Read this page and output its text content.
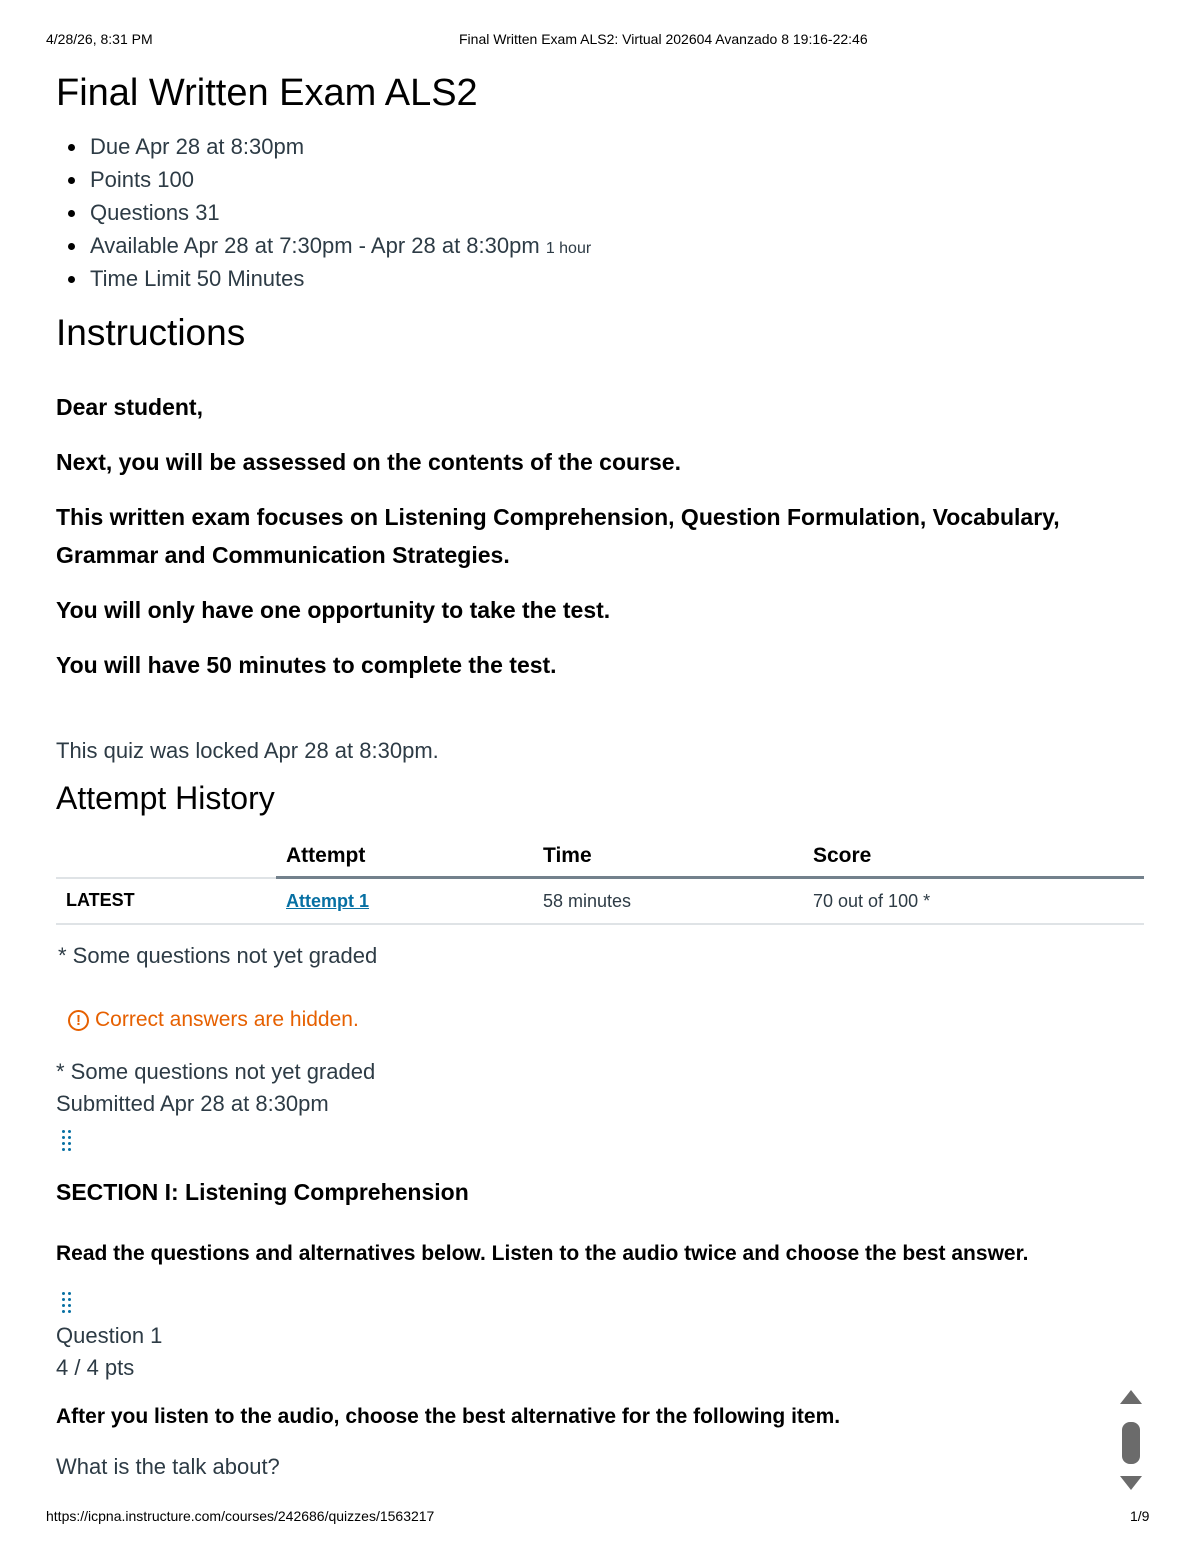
4/28/26, 8:31 PM	Final Written Exam ALS2: Virtual 202604 Avanzado 8 19:16-22:46
Final Written Exam ALS2
Due Apr 28 at 8:30pm
Points 100
Questions 31
Available Apr 28 at 7:30pm - Apr 28 at 8:30pm 1 hour
Time Limit 50 Minutes
Instructions

Dear student,

Next, you will be assessed on the contents of the course.

This written exam focuses on Listening Comprehension, Question Formulation, Vocabulary, Grammar and Communication Strategies.

You will only have one opportunity to take the test.

You will have 50 minutes to complete the test.

This quiz was locked Apr 28 at 8:30pm.
Attempt History
	Attempt	Time	Score
LATEST	Attempt 1	58 minutes	70 out of 100 *
* Some questions not yet graded
! Correct answers are hidden.
* Some questions not yet graded
Submitted Apr 28 at 8:30pm
SECTION I: Listening Comprehension
Read the questions and alternatives below. Listen to the audio twice and choose the best answer.
Question 1
4 / 4 pts
After you listen to the audio, choose the best alternative for the following item.
What is the talk about?
https://icpna.instructure.com/courses/242686/quizzes/1563217	1/9
